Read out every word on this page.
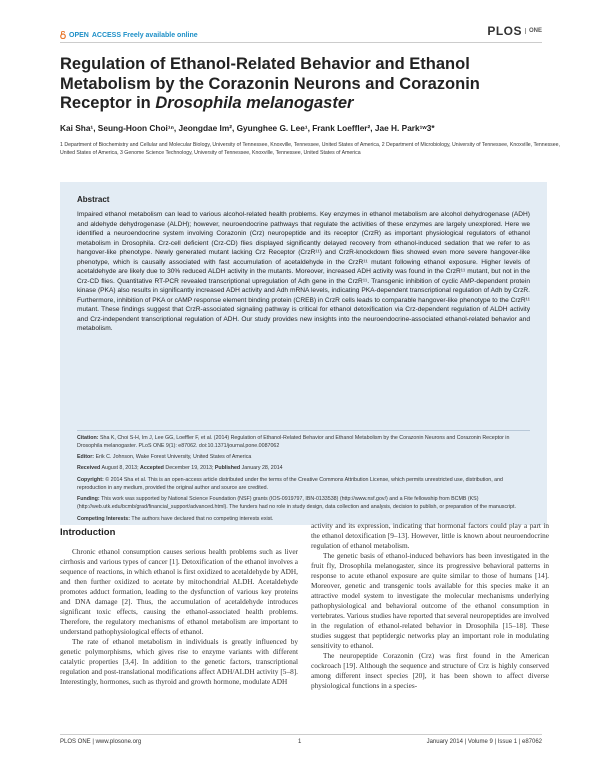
OPEN ACCESS Freely available online	PLOS	ONE
Regulation of Ethanol-Related Behavior and Ethanol Metabolism by the Corazonin Neurons and Corazonin Receptor in Drosophila melanogaster
Kai Sha¹, Seung-Hoon Choi¹ⁿ, Jeongdae Im², Gyunghee G. Lee¹, Frank Loeffler², Jae H. Park¹ʷ3*
1 Department of Biochemistry and Cellular and Molecular Biology, University of Tennessee, Knoxville, Tennessee, United States of America, 2 Department of Microbiology, University of Tennessee, Knoxville, Tennessee, United States of America, 3 Genome Science Technology, University of Tennessee, Knoxville, Tennessee, United States of America
Abstract
Impaired ethanol metabolism can lead to various alcohol-related health problems. Key enzymes in ethanol metabolism are alcohol dehydrogenase (ADH) and aldehyde dehydrogenase (ALDH); however, neuroendocrine pathways that regulate the activities of these enzymes are largely unexplored. Here we identified a neuroendocrine system involving Corazonin (Crz) neuropeptide and its receptor (CrzR) as important physiological regulators of ethanol metabolism in Drosophila. Crz-cell deficient (Crz-CD) flies displayed significantly delayed recovery from ethanol-induced sedation that we refer to as hangover-like phenotype. Newly generated mutant lacking Crz Receptor (CrzR¹¹) and CrzR-knockdown flies showed even more severe hangover-like phenotype, which is causally associated with fast accumulation of acetaldehyde in the CrzR¹¹ mutant following ethanol exposure. Higher levels of acetaldehyde are likely due to 30% reduced ALDH activity in the mutants. Moreover, increased ADH activity was found in the CrzR¹¹ mutant, but not in the Crz-CD flies. Quantitative RT-PCR revealed transcriptional upregulation of Adh gene in the CrzR¹¹. Transgenic inhibition of cyclic AMP-dependent protein kinase (PKA) also results in significantly increased ADH activity and Adh mRNA levels, indicating PKA-dependent transcriptional regulation of Adh by CrzR. Furthermore, inhibition of PKA or cAMP response element binding protein (CREB) in CrzR cells leads to comparable hangover-like phenotype to the CrzR¹¹ mutant. These findings suggest that CrzR-associated signaling pathway is critical for ethanol detoxification via Crz-dependent regulation of ALDH activity and Crz-independent transcriptional regulation of ADH. Our study provides new insights into the neuroendocrine-associated ethanol-related behavior and metabolism.
Citation: Sha K, Choi S-H, Im J, Lee GG, Loeffler F, et al. (2014) Regulation of Ethanol-Related Behavior and Ethanol Metabolism by the Corazonin Neurons and Corazonin Receptor in Drosophila melanogaster. PLoS ONE 9(1): e87062. doi:10.1371/journal.pone.0087062
Editor: Erik C. Johnson, Wake Forest University, United States of America
Received August 8, 2013; Accepted December 19, 2013; Published January 28, 2014
Copyright: © 2014 Sha et al. This is an open-access article distributed under the terms of the Creative Commons Attribution License, which permits unrestricted use, distribution, and reproduction in any medium, provided the original author and source are credited.
Funding: This work was supported by National Science Foundation (NSF) grants (IOS-0919797, IBN-0133538) (http://www.nsf.gov/) and a Fite fellowship from BCMB (KS) (http://web.utk.edu/bcmb/grad/financial_support/advanced.html). The funders had no role in study design, data collection and analysis, decision to publish, or preparation of the manuscript.
Competing Interests: The authors have declared that no competing interests exist.
Introduction

Chronic ethanol consumption causes serious health problems such as liver cirrhosis and various types of cancer [1]. Detoxification of the ethanol involves a sequence of reactions, in which ethanol is first oxidized to acetaldehyde by ADH, and then further oxidized to acetate by mitochondrial ALDH. Acetaldehyde promotes adduct formation, leading to the dysfunction of various key proteins and DNA damage [2]. Thus, the accumulation of acetaldehyde introduces significant toxic effects, causing the ethanol-associated health problems. Therefore, the regulatory mechanisms of ethanol metabolism are important to understand pathophysiological effects of ethanol.

The rate of ethanol metabolism in individuals is greatly influenced by genetic polymorphisms, which gives rise to enzyme variants with different catalytic properties [3,4]. In addition to the genetic factors, transcriptional regulation and post-translational modifications affect ADH/ALDH activity [5–8]. Interestingly, hormones, such as thyroid and growth hormone, modulate ADH

activity and its expression, indicating that hormonal factors could play a part in the ethanol detoxification [9–13]. However, little is known about neuroendocrine regulation of ethanol metabolism.

The genetic basis of ethanol-induced behaviors has been investigated in the fruit fly, Drosophila melanogaster, since its progressive behavioral patterns in response to acute ethanol exposure are quite similar to those of humans [14]. Moreover, genetic and transgenic tools available for this species make it an attractive model system to investigate the molecular mechanisms underlying pathophysiological and behavioral outcome of the ethanol consumption in vertebrates. Various studies have reported that several neuropeptides are involved in the regulation of ethanol-related behavior in Drosophila [15–18]. These studies suggest that peptidergic networks play an important role in modulating sensitivity to ethanol.

The neuropeptide Corazonin (Crz) was first found in the American cockroach [19]. Although the sequence and structure of Crz is highly conserved among different insect species [20], it has been shown to affect diverse physiological functions in a species-

PLOS ONE | www.plosone.org	1	January 2014 | Volume 9 | Issue 1 | e87062
